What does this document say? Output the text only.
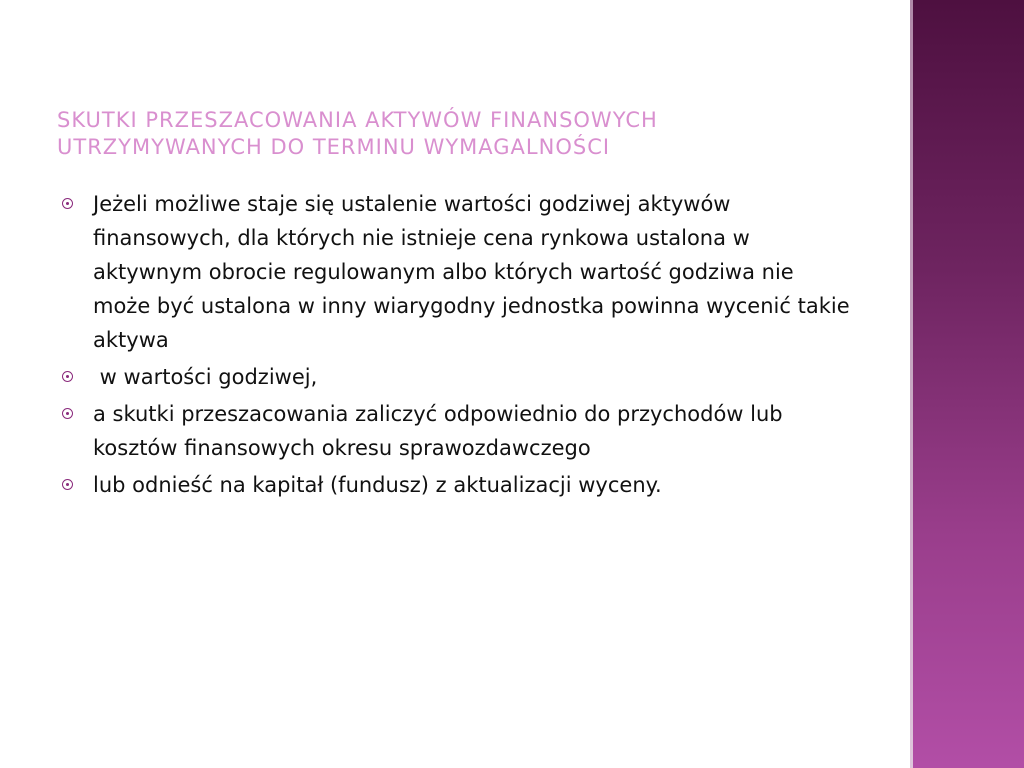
SKUTKI PRZESZACOWANIA AKTYWÓW FINANSOWYCH
UTRZYMYWANYCH DO TERMINU WYMAGALNOŚCI
Jeżeli możliwe staje się ustalenie wartości godziwej aktywów finansowych, dla których nie istnieje cena rynkowa ustalona w aktywnym obrocie regulowanym albo których wartość godziwa nie może być ustalona w inny wiarygodny jednostka powinna wycenić takie aktywa
w wartości godziwej,
a skutki przeszacowania zaliczyć odpowiednio do przychodów lub kosztów finansowych okresu sprawozdawczego
lub odnieść na kapitał (fundusz) z aktualizacji wyceny.
